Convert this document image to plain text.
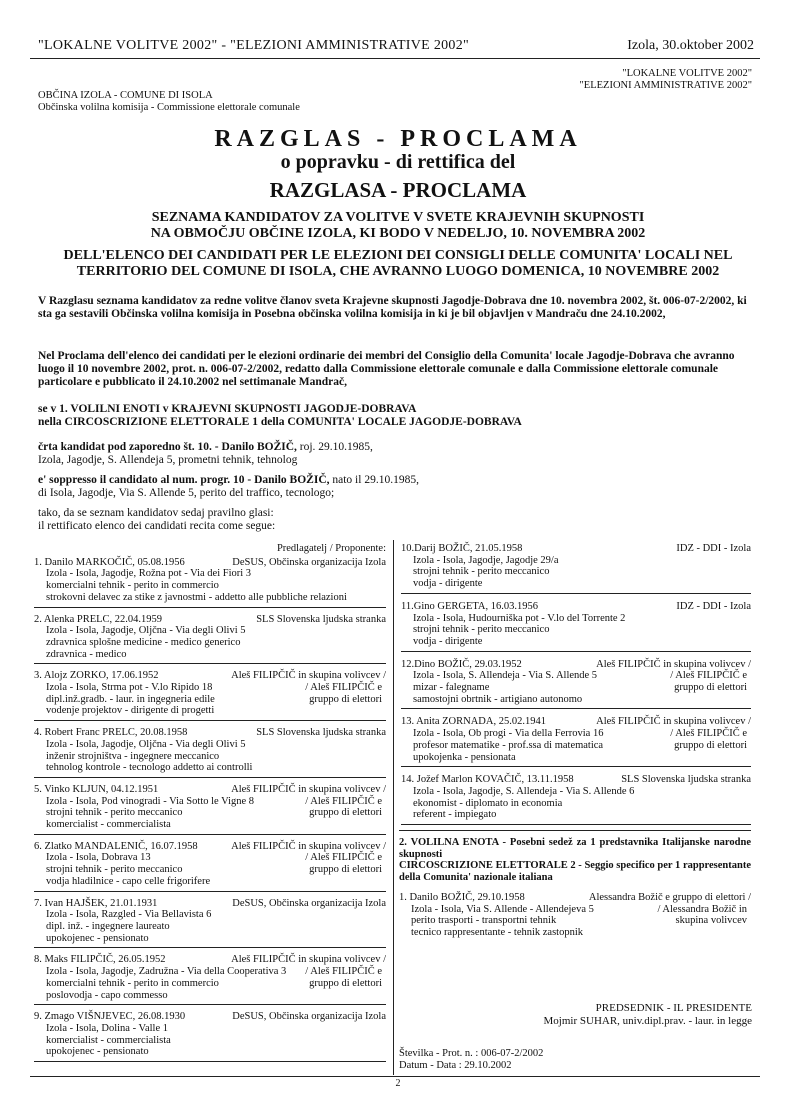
"LOKALNE VOLITVE 2002" - "ELEZIONI AMMINISTRATIVE 2002"	Izola, 30.oktober 2002
"LOKALNE VOLITVE 2002"
"ELEZIONI AMMINISTRATIVE 2002"
OBČINA IZOLA - COMUNE DI ISOLA
Občinska volilna komisija - Commissione elettorale comunale
RAZGLAS - PROCLAMA
o popravku - di rettifica del
RAZGLASA - PROCLAMA
SEZNAMA KANDIDATOV ZA VOLITVE V SVETE KRAJEVNIH SKUPNOSTI
NA OBMOČJU OBČINE IZOLA, KI BODO V NEDELJO, 10. NOVEMBRA 2002
DELL'ELENCO DEI CANDIDATI PER LE ELEZIONI DEI CONSIGLI DELLE COMUNITA' LOCALI NEL
TERRITORIO DEL COMUNE DI ISOLA, CHE AVRANNO LUOGO DOMENICA, 10 NOVEMBRE 2002
V Razglasu seznama kandidatov za redne volitve članov sveta Krajevne skupnosti Jagodje-Dobrava dne 10. novembra 2002, št. 006-07-2/2002, ki sta ga sestavili Občinska volilna komisija in Posebna občinska volilna komisija in ki je bil objavljen v Mandraču dne 24.10.2002,
Nel Proclama dell'elenco dei candidati per le elezioni ordinarie dei membri del Consiglio della Comunita' locale Jagodje-Dobrava che avranno luogo il 10 novembre 2002, prot. n. 006-07-2/2002, redatto dalla Commissione elettorale comunale e dalla Commissione elettorale comunale particolare e pubblicato il 24.10.2002 nel settimanale Mandrač,
se v 1. VOLILNI ENOTI v KRAJEVNI SKUPNOSTI JAGODJE-DOBRAVA
nella CIRCOSCRIZIONE ELETTORALE 1 della COMUNITA' LOCALE JAGODJE-DOBRAVA
črta kandidat pod zaporedno št. 10. - Danilo BOŽIČ, roj. 29.10.1985,
Izola, Jagodje, S. Allendeja 5, prometni tehnik, tehnolog
e' soppresso il candidato al num. progr. 10 - Danilo BOŽIČ, nato il 29.10.1985,
di Isola, Jagodje, Via S. Allende 5, perito del traffico, tecnologo;
tako, da se seznam kandidatov sedaj pravilno glasi:
il rettificato elenco dei candidati recita come segue:
Predlagatelj / Proponente:
1. Danilo MARKOČIČ, 05.08.1956	DeSUS, Občinska organizacija Izola
Izola - Isola, Jagodje, Rožna pot - Via dei Fiori 3
komercialni tehnik - perito in commercio
strokovni delavec za stike z javnostmi - addetto alle pubbliche relazioni
2. Alenka PRELC, 22.04.1959	SLS Slovenska ljudska stranka
Izola - Isola, Jagodje, Oljčna - Via degli Olivi 5
zdravnica splošne medicine - medico generico
zdravnica - medico
3. Alojz ZORKO, 17.06.1952	Aleš FILIPČIČ in skupina volivcev /
Izola - Isola, Strma pot - V.lo Ripido 18
dipl.inž.gradb. - laur. in ingegneria edile
vodenje projektov - dirigente di progetti
/ Aleš FILIPČIČ e
gruppo di elettori
4. Robert Franc PRELC, 20.08.1958	SLS Slovenska ljudska stranka
Izola - Isola, Jagodje, Oljčna - Via degli Olivi 5
inženir strojništva - ingegnere meccanico
tehnolog kontrole - tecnologo addetto ai controlli
5. Vinko KLJUN, 04.12.1951	Aleš FILIPČIČ in skupina volivcev /
Izola - Isola, Pod vinogradi - Via Sotto le Vigne 8
strojni tehnik - perito meccanico
komercialist - commercialista
/ Aleš FILIPČIČ e
gruppo di elettori
6. Zlatko MANDALENIČ, 16.07.1958	Aleš FILIPČIČ in skupina volivcev /
Izola - Isola, Dobrava 13
strojni tehnik - perito meccanico
vodja hladilnice - capo celle frigorifere
/ Aleš FILIPČIČ e
gruppo di elettori
7. Ivan HAJŠEK, 21.01.1931	DeSUS, Občinska organizacija Izola
Izola - Isola, Razgled - Via Bellavista 6
dipl. inž. - ingegnere laureato
upokojenec - pensionato
8. Maks FILIPČIČ, 26.05.1952	Aleš FILIPČIČ in skupina volivcev /
Izola - Isola, Jagodje, Zadružna - Via della Cooperativa 3
komercialni tehnik - perito in commercio
poslovodja - capo commesso
/ Aleš FILIPČIČ e
gruppo di elettori
9. Zmago VIŠNJEVEC, 26.08.1930	DeSUS, Občinska organizacija Izola
Izola - Isola, Dolina - Valle 1
komercialist - commercialista
upokojenec - pensionato
10.Darij BOŽIČ, 21.05.1958	IDZ - DDI - Izola
Izola - Isola, Jagodje, Jagodje 29/a
strojni tehnik - perito meccanico
vodja - dirigente
11.Gino GERGETA, 16.03.1956	IDZ - DDI - Izola
Izola - Isola, Hudourniška pot - V.lo del Torrente 2
strojni tehnik - perito meccanico
vodja - dirigente
12.Dino BOŽIČ, 29.03.1952	Aleš FILIPČIČ in skupina volivcev /
Izola - Isola, S. Allendeja - Via S. Allende 5
mizar - falegname
samostojni obrtnik - artigiano autonomo
/ Aleš FILIPČIČ e
gruppo di elettori
13. Anita ZORNADA, 25.02.1941	Aleš FILIPČIČ in skupina volivcev /
Izola - Isola, Ob progi - Via della Ferrovia 16
profesor matematike - prof.ssa di matematica
upokojenka - pensionata
/ Aleš FILIPČIČ e
gruppo di elettori
14. Jožef Marlon KOVAČIČ, 13.11.1958	SLS Slovenska ljudska stranka
Izola - Isola, Jagodje, S. Allendeja - Via S. Allende 6
ekonomist - diplomato in economia
referent - impiegato
2. VOLILNA ENOTA - Posebni sedež za 1 predstavnika Italijanske narodne skupnosti
CIRCOSCRIZIONE ELETTORALE 2 - Seggio specifico per 1 rappresentante della Comunita' nazionale italiana
1. Danilo BOŽIČ, 29.10.1958	Alessandra Božič e gruppo di elettori /
Izola - Isola, Via S. Allende - Allendejeva 5
perito trasporti - transportni tehnik
tecnico rappresentante - tehnik zastopnik
/ Alessandra Božič in
skupina volivcev
PREDSEDNIK - IL PRESIDENTE
Mojmir SUHAR, univ.dipl.prav. - laur. in legge
Številka - Prot. n. : 006-07-2/2002
Datum - Data : 29.10.2002
2
